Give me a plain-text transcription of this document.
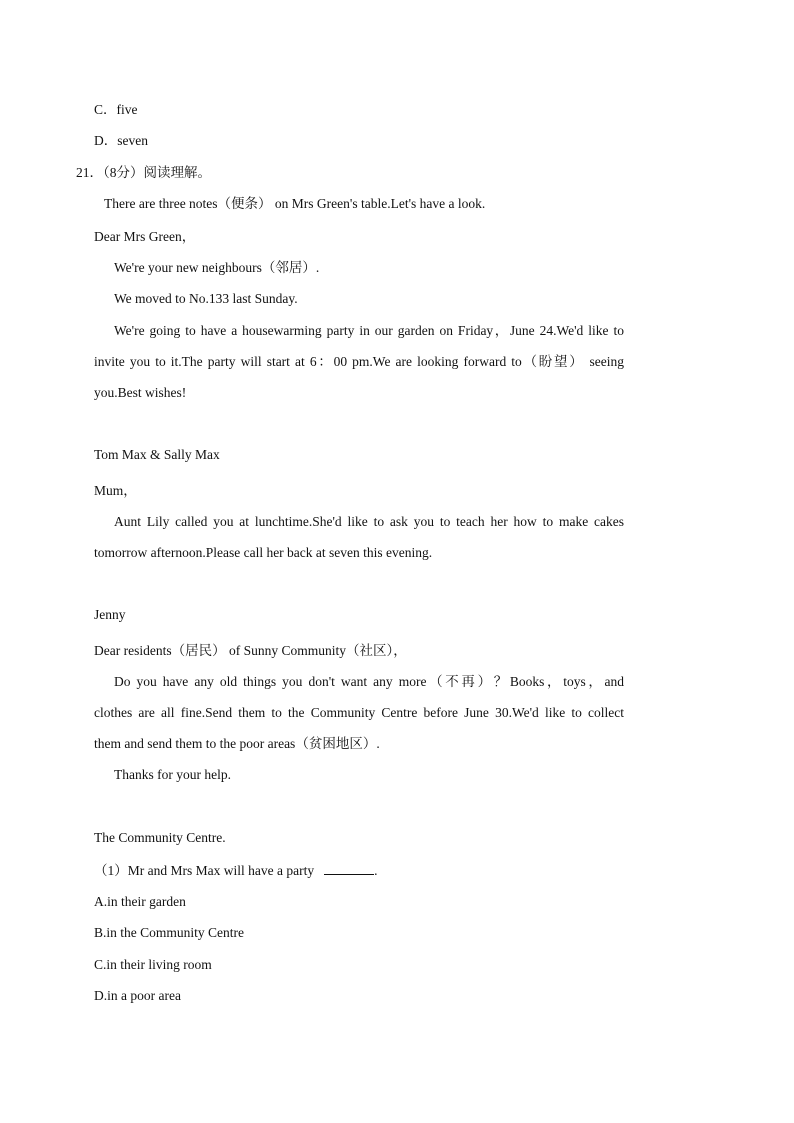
C．five
D．seven
21．（8分）阅读理解。
There are three notes（便条） on Mrs Green's table.Let's have a look.
Dear Mrs Green，
We're your new neighbours（邻居）.
We moved to No.133 last Sunday.
We're going to have a housewarming party in our garden on Friday，June 24.We'd like to
invite you to it.The party will start at 6：00 pm.We are looking forward to（盼望） seeing
you.Best wishes!
Tom Max & Sally Max
Mum，
Aunt Lily called you at lunchtime.She'd like to ask you to teach her how to make cakes
tomorrow afternoon.Please call her back at seven this evening.
Jenny
Dear residents（居民） of Sunny Community（社区），
Do you have any old things you don't want any more（不再）？Books，toys，and
clothes are all fine.Send them to the Community Centre before June 30.We'd like to collect
them and send them to the poor areas（贫困地区）.
Thanks for your help.
The Community Centre.
（1）Mr and Mrs Max will have a party	.
A.in their garden
B.in the Community Centre
C.in their living room
D.in a poor area
